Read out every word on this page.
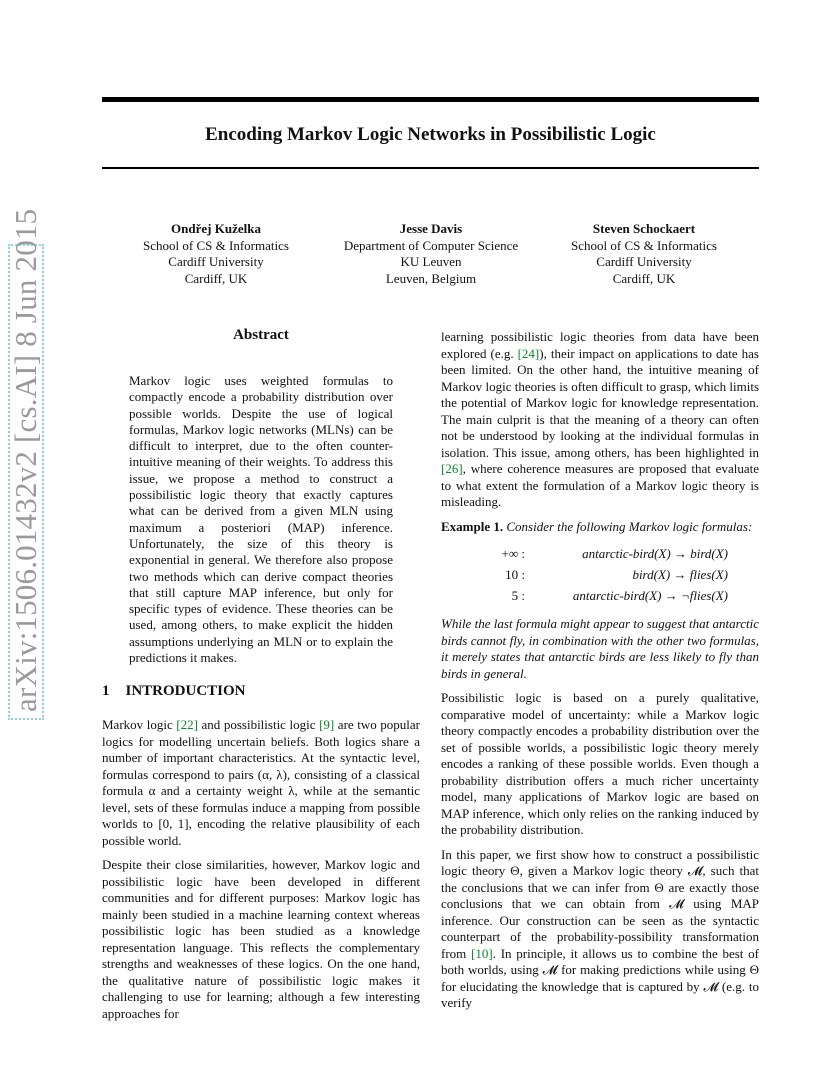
Encoding Markov Logic Networks in Possibilistic Logic
arXiv:1506.01432v2 [cs.AI] 8 Jun 2015	Ondřej Kuželka
School of CS & Informatics
Cardiff University
Cardiff, UK
Jesse Davis
Department of Computer Science
KU Leuven
Leuven, Belgium
Steven Schockaert
School of CS & Informatics
Cardiff University
Cardiff, UK
Abstract
Markov logic uses weighted formulas to compactly encode a probability distribution over possible worlds. Despite the use of logical formulas, Markov logic networks (MLNs) can be difficult to interpret, due to the often counter-intuitive meaning of their weights. To address this issue, we propose a method to construct a possibilistic logic theory that exactly captures what can be derived from a given MLN using maximum a posteriori (MAP) inference. Unfortunately, the size of this theory is exponential in general. We therefore also propose two methods which can derive compact theories that still capture MAP inference, but only for specific types of evidence. These theories can be used, among others, to make explicit the hidden assumptions underlying an MLN or to explain the predictions it makes.
1 INTRODUCTION

Markov logic [22] and possibilistic logic [9] are two popular logics for modelling uncertain beliefs. Both logics share a number of important characteristics. At the syntactic level, formulas correspond to pairs (α, λ), consisting of a classical formula α and a certainty weight λ, while at the semantic level, sets of these formulas induce a mapping from possible worlds to [0, 1], encoding the relative plausibility of each possible world.

Despite their close similarities, however, Markov logic and possibilistic logic have been developed in different communities and for different purposes: Markov logic has mainly been studied in a machine learning context whereas possibilistic logic has been studied as a knowledge representation language. This reflects the complementary strengths and weaknesses of these logics. On the one hand, the qualitative nature of possibilistic logic makes it challenging to use for learning; although a few interesting approaches for

learning possibilistic logic theories from data have been explored (e.g. [24]), their impact on applications to date has been limited. On the other hand, the intuitive meaning of Markov logic theories is often difficult to grasp, which limits the potential of Markov logic for knowledge representation. The main culprit is that the meaning of a theory can often not be understood by looking at the individual formulas in isolation. This issue, among others, has been highlighted in [26], where coherence measures are proposed that evaluate to what extent the formulation of a Markov logic theory is misleading.

Example 1. Consider the following Markov logic formulas:

+∞ :	antarctic-bird(X) → bird(X)
10 :	bird(X) → flies(X)
5 :	antarctic-bird(X) → ¬flies(X)

While the last formula might appear to suggest that antarctic birds cannot fly, in combination with the other two formulas, it merely states that antarctic birds are less likely to fly than birds in general.

Possibilistic logic is based on a purely qualitative, comparative model of uncertainty: while a Markov logic theory compactly encodes a probability distribution over the set of possible worlds, a possibilistic logic theory merely encodes a ranking of these possible worlds. Even though a probability distribution offers a much richer uncertainty model, many applications of Markov logic are based on MAP inference, which only relies on the ranking induced by the probability distribution.

In this paper, we first show how to construct a possibilistic logic theory Θ, given a Markov logic theory 𝓜, such that the conclusions that we can infer from Θ are exactly those conclusions that we can obtain from 𝓜 using MAP inference. Our construction can be seen as the syntactic counterpart of the probability-possibility transformation from [10]. In principle, it allows us to combine the best of both worlds, using 𝓜 for making predictions while using Θ for elucidating the knowledge that is captured by 𝓜 (e.g. to verify
